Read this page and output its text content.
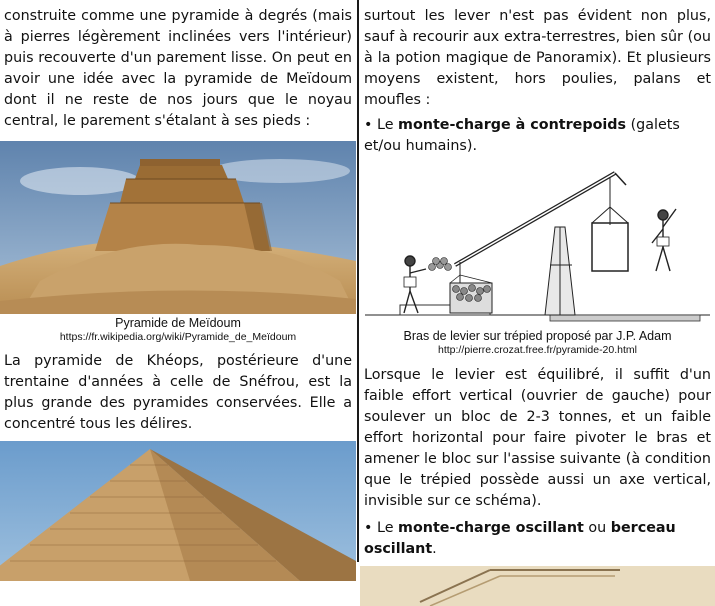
construite comme une pyramide à degrés (mais à pierres légèrement inclinées vers l'intérieur) puis recouverte d'un parement lisse. On peut en avoir une idée avec la pyramide de Meïdoum dont il ne reste de nos jours que le noyau central, le parement s'étalant à ses pieds :

Pyramide de Meïdoum
https://fr.wikipedia.org/wiki/Pyramide_de_Meïdoum

La pyramide de Khéops, postérieure d'une trentaine d'années à celle de Snéfrou, est la plus grande des pyramides conservées. Elle a concentré tous les délires.

surtout les lever n'est pas évident non plus, sauf à recourir aux extra-terrestres, bien sûr (ou à la potion magique de Panoramix). Et plusieurs moyens existent, hors poulies, palans et moufles :

• Le monte-charge à contrepoids (galets et/ou humains).

Bras de levier sur trépied proposé par J.P. Adam
http://pierre.crozat.free.fr/pyramide-20.html

Lorsque le levier est équilibré, il suffit d'un faible effort vertical (ouvrier de gauche) pour soulever un bloc de 2-3 tonnes, et un faible effort horizontal pour faire pivoter le bras et amener le bloc sur l'assise suivante (à condition que le trépied possède aussi un axe vertical, invisible sur ce schéma).

• Le monte-charge oscillant ou berceau oscillant.
